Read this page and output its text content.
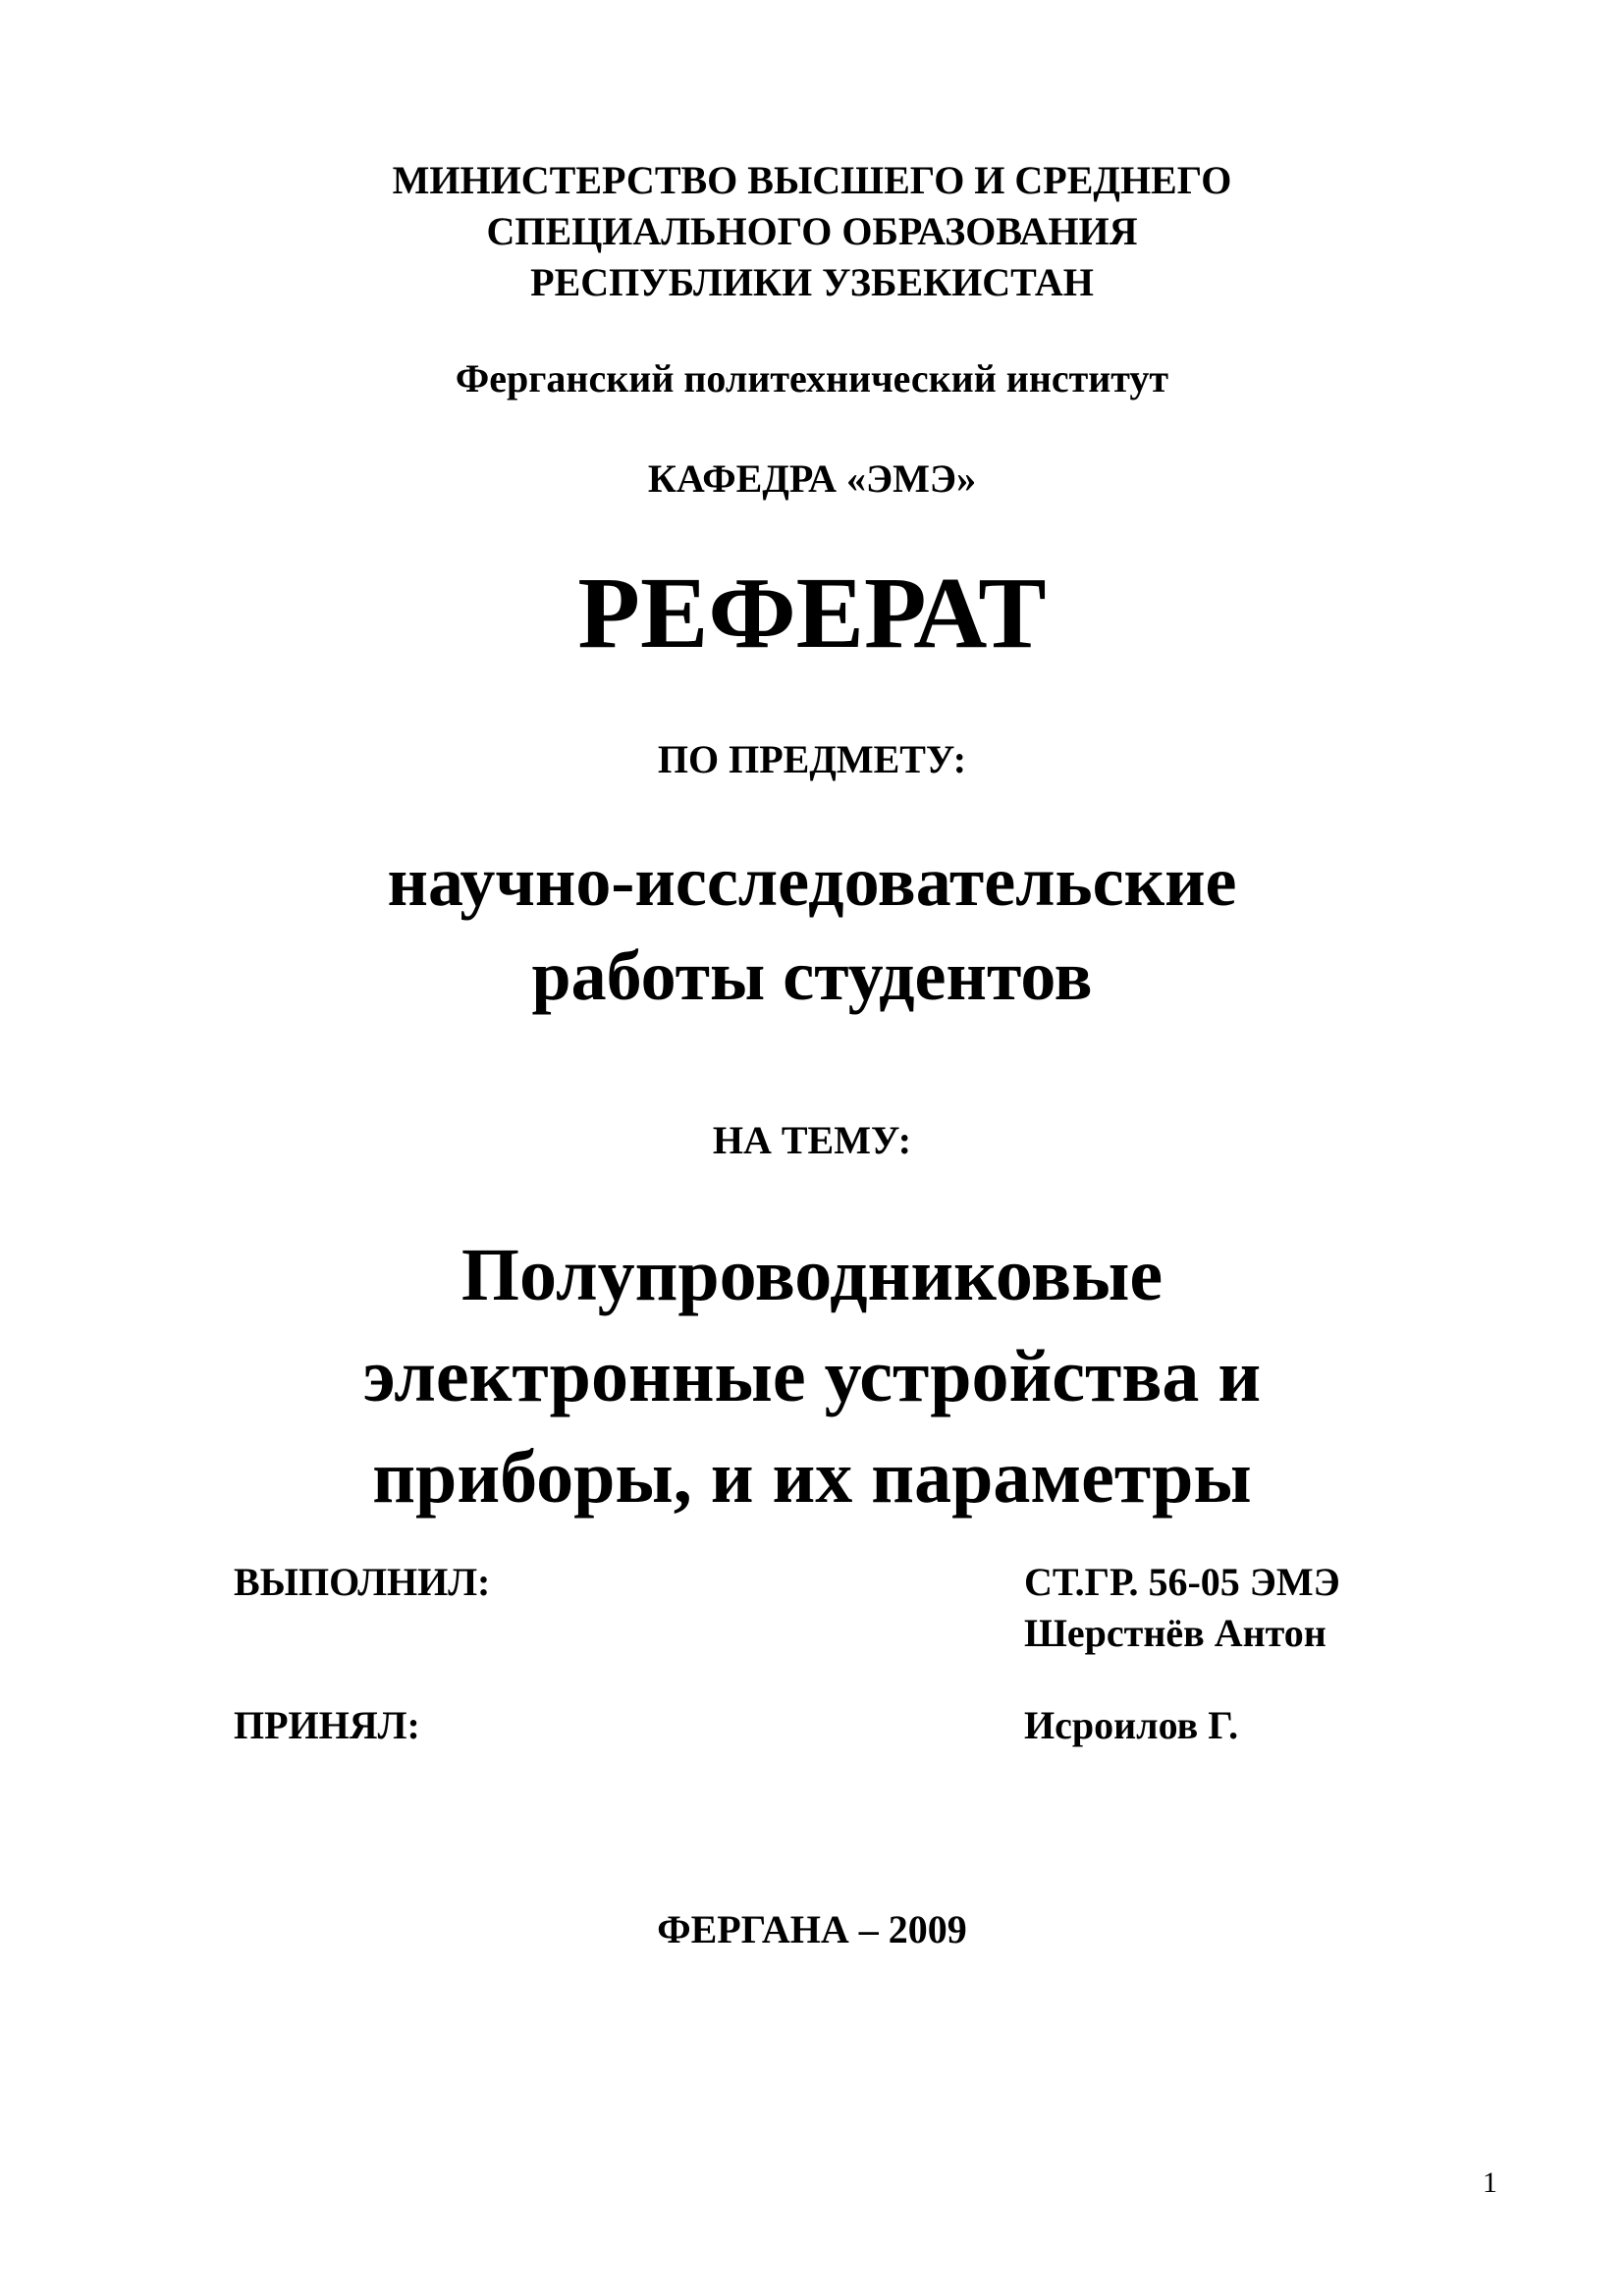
МИНИСТЕРСТВО ВЫСШЕГО И СРЕДНЕГО
СПЕЦИАЛЬНОГО ОБРАЗОВАНИЯ
РЕСПУБЛИКИ УЗБЕКИСТАН
Ферганский политехнический институт
КАФЕДРА «ЭМЭ»
РЕФЕРАТ
ПО ПРЕДМЕТУ:
научно-исследовательские
работы студентов
НА ТЕМУ:
Полупроводниковые
электронные устройства и
приборы, и их параметры
ВЫПОЛНИЛ:	СТ.ГР. 56-05 ЭМЭ
Шерстнёв Антон
ПРИНЯЛ:	Исроилов Г.
ФЕРГАНА – 2009
1
